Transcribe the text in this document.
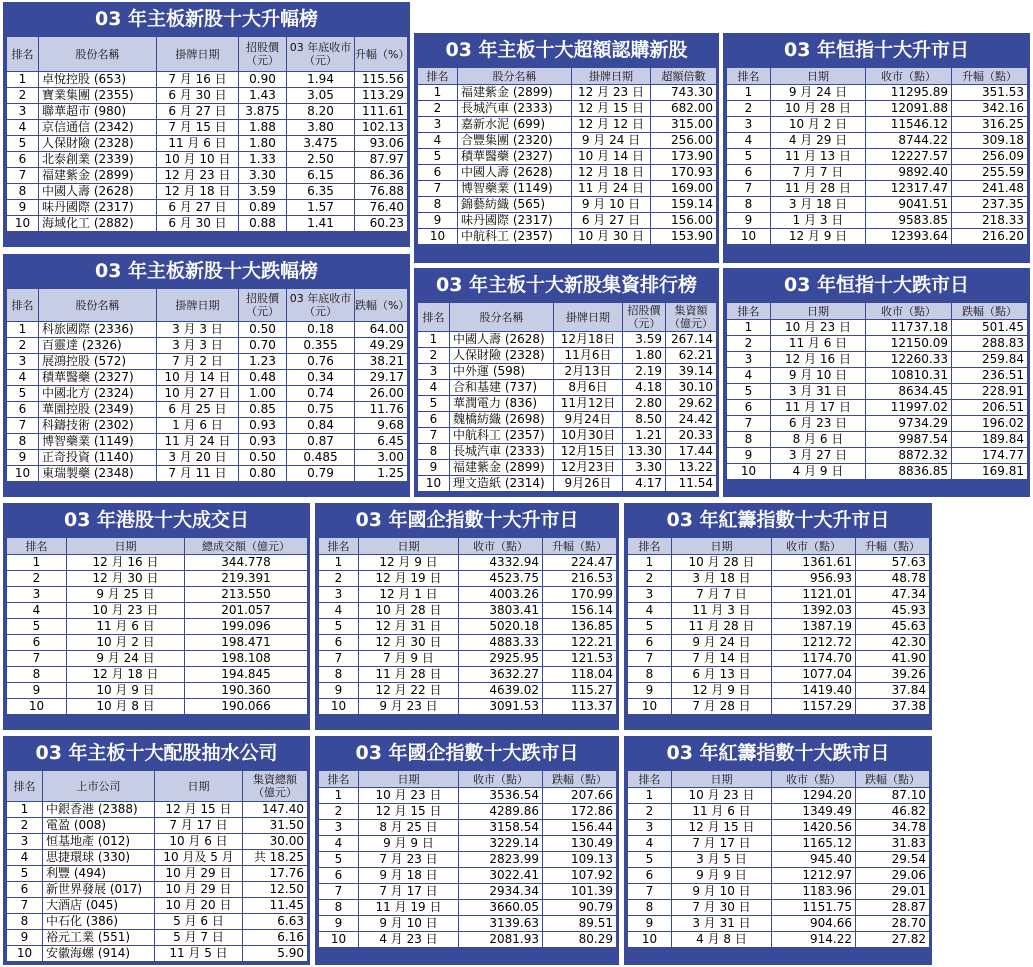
03 年主板新股十大升幅榜
排名	股份名稱	掛牌日期	招股價（元）	03 年底收市（元）	升幅（%）
1	卓悅控股 (653)	7 月 16 日	0.90	1.94	115.56
2	寶業集團 (2355)	6 月 30 日	1.43	3.05	113.29
3	聯華超市 (980)	6 月 27 日	3.875	8.20	111.61
4	京信通信 (2342)	7 月 15 日	1.88	3.80	102.13
5	人保財險 (2328)	11 月 6 日	1.80	3.475	93.06
6	北泰創業 (2339)	10 月 10 日	1.33	2.50	87.97
7	福建紫金 (2899)	12 月 23 日	3.30	6.15	86.36
8	中國人壽 (2628)	12 月 18 日	3.59	6.35	76.88
9	味丹國際 (2317)	6 月 27 日	0.89	1.57	76.40
10	海域化工 (2882)	6 月 30 日	0.88	1.41	60.23
03 年主板新股十大跌幅榜
排名	股份名稱	掛牌日期	招股價（元）	03 年底收市（元）	跌幅（%）
1	科旅國際 (2336)	3 月 3 日	0.50	0.18	64.00
2	百靈達 (2326)	3 月 3 日	0.70	0.355	49.29
3	展鴻控股 (572)	7 月 2 日	1.23	0.76	38.21
4	積華醫藥 (2327)	10 月 14 日	0.48	0.34	29.17
5	中國北方 (2324)	10 月 27 日	1.00	0.74	26.00
6	華園控股 (2349)	6 月 25 日	0.85	0.75	11.76
7	科鑄技術 (2302)	1 月 6 日	0.93	0.84	9.68
8	博智藥業 (1149)	11 月 24 日	0.93	0.87	6.45
9	正奇投資 (1140)	3 月 20 日	0.50	0.485	3.00
10	東瑞製藥 (2348)	7 月 11 日	0.80	0.79	1.25
03 年主板十大超額認購新股
排名	股分名稱	掛牌日期	超額倍數
1	福建紫金 (2899)	12 月 23 日	743.30
2	長城汽車 (2333)	12 月 15 日	682.00
3	嘉新水泥 (699)	12 月 12 日	315.00
4	合豐集團 (2320)	9 月 24 日	256.00
5	積華醫藥 (2327)	10 月 14 日	173.90
6	中國人壽 (2628)	12 月 18 日	170.93
7	博智藥業 (1149)	11 月 24 日	169.00
8	錦藝紡織 (565)	9 月 10 日	159.14
9	味丹國際 (2317)	6 月 27 日	156.00
10	中航科工 (2357)	10 月 30 日	153.90
03 年主板十大新股集資排行榜
排名	股分名稱	掛牌日期	招股價（元）	集資額（億元）
1	中國人壽 (2628)	12月18日	3.59	267.14
2	人保財險 (2328)	11月6日	1.80	62.21
3	中外運 (598)	2月13日	2.19	39.14
4	合和基建 (737)	8月6日	4.18	30.10
5	華潤電力 (836)	11月12日	2.80	29.62
6	魏橋紡織 (2698)	9月24日	8.50	24.42
7	中航科工 (2357)	10月30日	1.21	20.33
8	長城汽車 (2333)	12月15日	13.30	17.44
9	福建紫金 (2899)	12月23日	3.30	13.22
10	理文造紙 (2314)	9月26日	4.17	11.54
03 年恒指十大升市日
排名	日期	收市（點）	升幅（點）
1	9 月 24 日	11295.89	351.53
2	10 月 28 日	12091.88	342.16
3	10 月 2 日	11546.12	316.25
4	4 月 29 日	8744.22	309.18
5	11 月 13 日	12227.57	256.09
6	7 月 7 日	9892.40	255.59
7	11 月 28 日	12317.47	241.48
8	3 月 18 日	9041.51	237.35
9	1 月 3 日	9583.85	218.33
10	12 月 9 日	12393.64	216.20
03 年恒指十大跌市日
排名	日期	收市（點）	跌幅（點）
1	10 月 23 日	11737.18	501.45
2	11 月 6 日	12150.09	288.83
3	12 月 16 日	12260.33	259.84
4	9 月 10 日	10810.31	236.51
5	3 月 31 日	8634.45	228.91
6	11 月 17 日	11997.02	206.51
7	6 月 23 日	9734.29	196.02
8	8 月 6 日	9987.54	189.84
9	3 月 27 日	8872.32	174.77
10	4 月 9 日	8836.85	169.81
03 年港股十大成交日
排名	日期	總成交額（億元）
1	12 月 16 日	344.778
2	12 月 30 日	219.391
3	9 月 25 日	213.550
4	10 月 23 日	201.057
5	11 月 6 日	199.096
6	10 月 2 日	198.471
7	9 月 24 日	198.108
8	12 月 18 日	194.845
9	10 月 9 日	190.360
10	10 月 8 日	190.066
03 年國企指數十大升市日
排名	日期	收市（點）	升幅（點）
1	12 月 9 日	4332.94	224.47
2	12 月 19 日	4523.75	216.53
3	12 月 1 日	4003.26	170.99
4	10 月 28 日	3803.41	156.14
5	12 月 31 日	5020.18	136.85
6	12 月 30 日	4883.33	122.21
7	7 月 9 日	2925.95	121.53
8	11 月 28 日	3632.27	118.04
9	12 月 22 日	4639.02	115.27
10	9 月 23 日	3091.53	113.37
03 年紅籌指數十大升市日
排名	日期	收市（點）	升幅（點）
1	10 月 28 日	1361.61	57.63
2	3 月 18 日	956.93	48.78
3	7 月 7 日	1121.01	47.34
4	11 月 3 日	1392.03	45.93
5	11 月 28 日	1387.19	45.63
6	9 月 24 日	1212.72	42.30
7	7 月 14 日	1174.70	41.90
8	6 月 13 日	1077.04	39.26
9	12 月 9 日	1419.40	37.84
10	7 月 28 日	1157.29	37.38
03 年主板十大配股抽水公司
排名	上市公司	日期	集資總額（億元）
1	中銀香港 (2388)	12 月 15 日	147.40
2	電盈 (008)	7 月 17 日	31.50
3	恒基地產 (012)	10 月 6 日	30.00
4	思捷環球 (330)	10 月及 5 月	共 18.25
5	利豐 (494)	10 月 29 日	17.76
6	新世界發展 (017)	10 月 29 日	12.50
7	大酒店 (045)	10 月 20 日	11.45
8	中石化 (386)	5 月 6 日	6.63
9	裕元工業 (551)	5 月 7 日	6.16
10	安徽海螺 (914)	11 月 5 日	5.90
03 年國企指數十大跌市日
排名	日期	收市（點）	跌幅（點）
1	10 月 23 日	3536.54	207.66
2	12 月 15 日	4289.86	172.86
3	8 月 25 日	3158.54	156.44
4	9 月 9 日	3229.14	130.49
5	7 月 23 日	2823.99	109.13
6	9 月 18 日	3022.41	107.92
7	7 月 17 日	2934.34	101.39
8	11 月 19 日	3660.05	90.79
9	9 月 10 日	3139.63	89.51
10	4 月 23 日	2081.93	80.29
03 年紅籌指數十大跌市日
排名	日期	收市（點）	跌幅（點）
1	10 月 23 日	1294.20	87.10
2	11 月 6 日	1349.49	46.82
3	12 月 15 日	1420.56	34.78
4	7 月 17 日	1165.12	31.83
5	3 月 5 日	945.40	29.54
6	9 月 9 日	1212.97	29.06
7	9 月 10 日	1183.96	29.01
8	7 月 30 日	1151.75	28.87
9	3 月 31 日	904.66	28.70
10	4 月 8 日	914.22	27.82
